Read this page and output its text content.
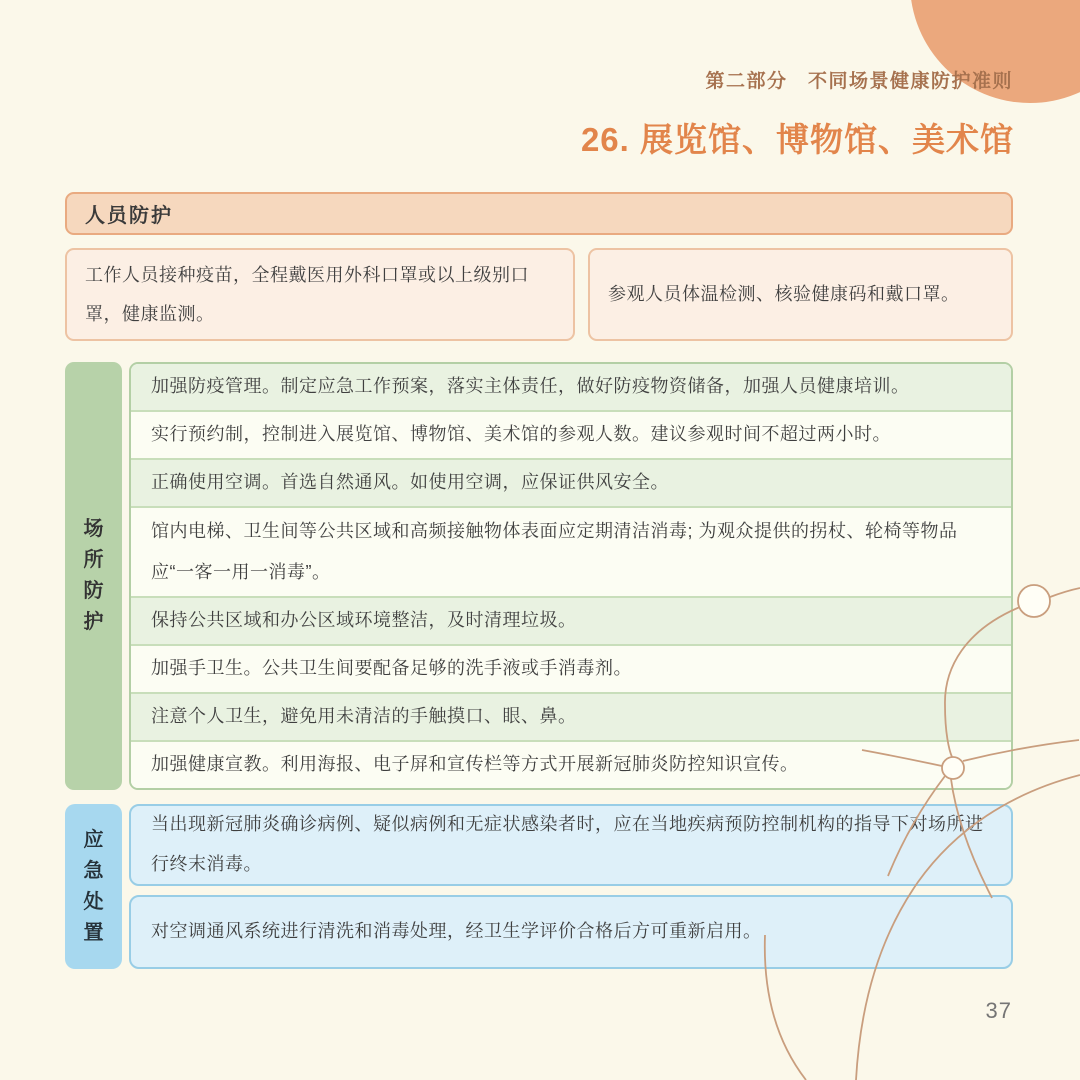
第二部分　不同场景健康防护准则
26. 展览馆、博物馆、美术馆
人员防护
工作人员接种疫苗，全程戴医用外科口罩或以上级别口罩，健康监测。
参观人员体温检测、核验健康码和戴口罩。
场所防护
加强防疫管理。制定应急工作预案，落实主体责任，做好防疫物资储备，加强人员健康培训。
实行预约制，控制进入展览馆、博物馆、美术馆的参观人数。建议参观时间不超过两小时。
正确使用空调。首选自然通风。如使用空调，应保证供风安全。
馆内电梯、卫生间等公共区域和高频接触物体表面应定期清洁消毒; 为观众提供的拐杖、轮椅等物品应“一客一用一消毒”。
保持公共区域和办公区域环境整洁，及时清理垃圾。
加强手卫生。公共卫生间要配备足够的洗手液或手消毒剂。
注意个人卫生，避免用未清洁的手触摸口、眼、鼻。
加强健康宣教。利用海报、电子屏和宣传栏等方式开展新冠肺炎防控知识宣传。
应急处置
当出现新冠肺炎确诊病例、疑似病例和无症状感染者时，应在当地疾病预防控制机构的指导下对场所进行终末消毒。
对空调通风系统进行清洗和消毒处理，经卫生学评价合格后方可重新启用。
37
